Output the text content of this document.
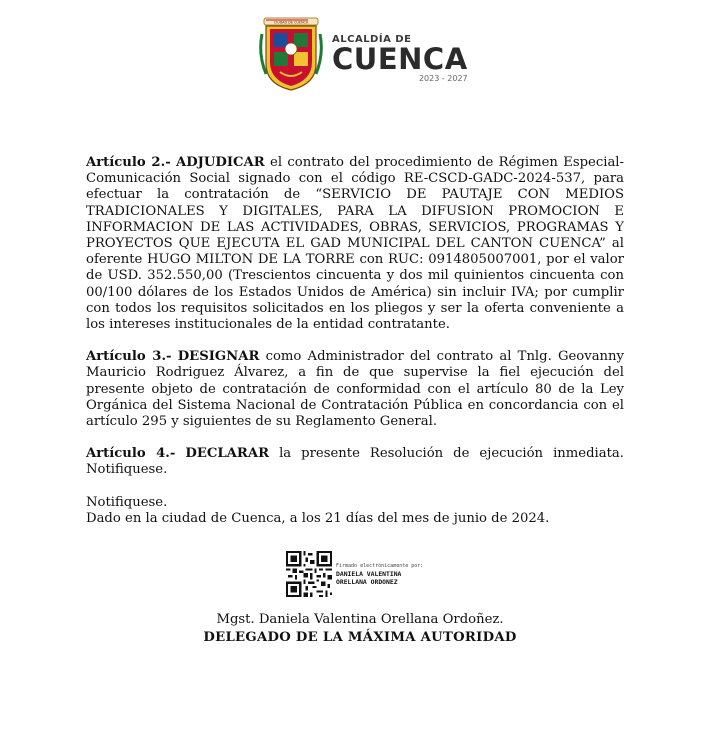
CIUDAD DE CUENCA
ALCALDÍA DE
CUENCA
2023 - 2027

Artículo 2.- ADJUDICAR el contrato del procedimiento de Régimen Especial-Comunicación Social signado con el código RE-CSCD-GADC-2024-537, para efectuar la contratación de “SERVICIO DE PAUTAJE CON MEDIOS TRADICIONALES Y DIGITALES, PARA LA DIFUSION PROMOCION E INFORMACION DE LAS ACTIVIDADES, OBRAS, SERVICIOS, PROGRAMAS Y PROYECTOS QUE EJECUTA EL GAD MUNICIPAL DEL CANTON CUENCA” al oferente HUGO MILTON DE LA TORRE con RUC: 0914805007001, por el valor de USD. 352.550,00 (Trescientos cincuenta y dos mil quinientos cincuenta con 00/100 dólares de los Estados Unidos de América) sin incluir IVA; por cumplir con todos los requisitos solicitados en los pliegos y ser la oferta conveniente a los intereses institucionales de la entidad contratante.

Artículo 3.- DESIGNAR como Administrador del contrato al Tnlg. Geovanny Mauricio Rodriguez Álvarez, a fin de que supervise la fiel ejecución del presente objeto de contratación de conformidad con el artículo 80 de la Ley Orgánica del Sistema Nacional de Contratación Pública en concordancia con el artículo 295 y siguientes de su Reglamento General.

Artículo 4.- DECLARAR la presente Resolución de ejecución inmediata. Notifiquese.

Notifiquese.

Dado en la ciudad de Cuenca, a los 21 días del mes de junio de 2024.

Firmado electrónicamente por:
DANIELA VALENTINA
ORELLANA ORDONEZ
Mgst. Daniela Valentina Orellana Ordoñez.
DELEGADO DE LA MÁXIMA AUTORIDAD
